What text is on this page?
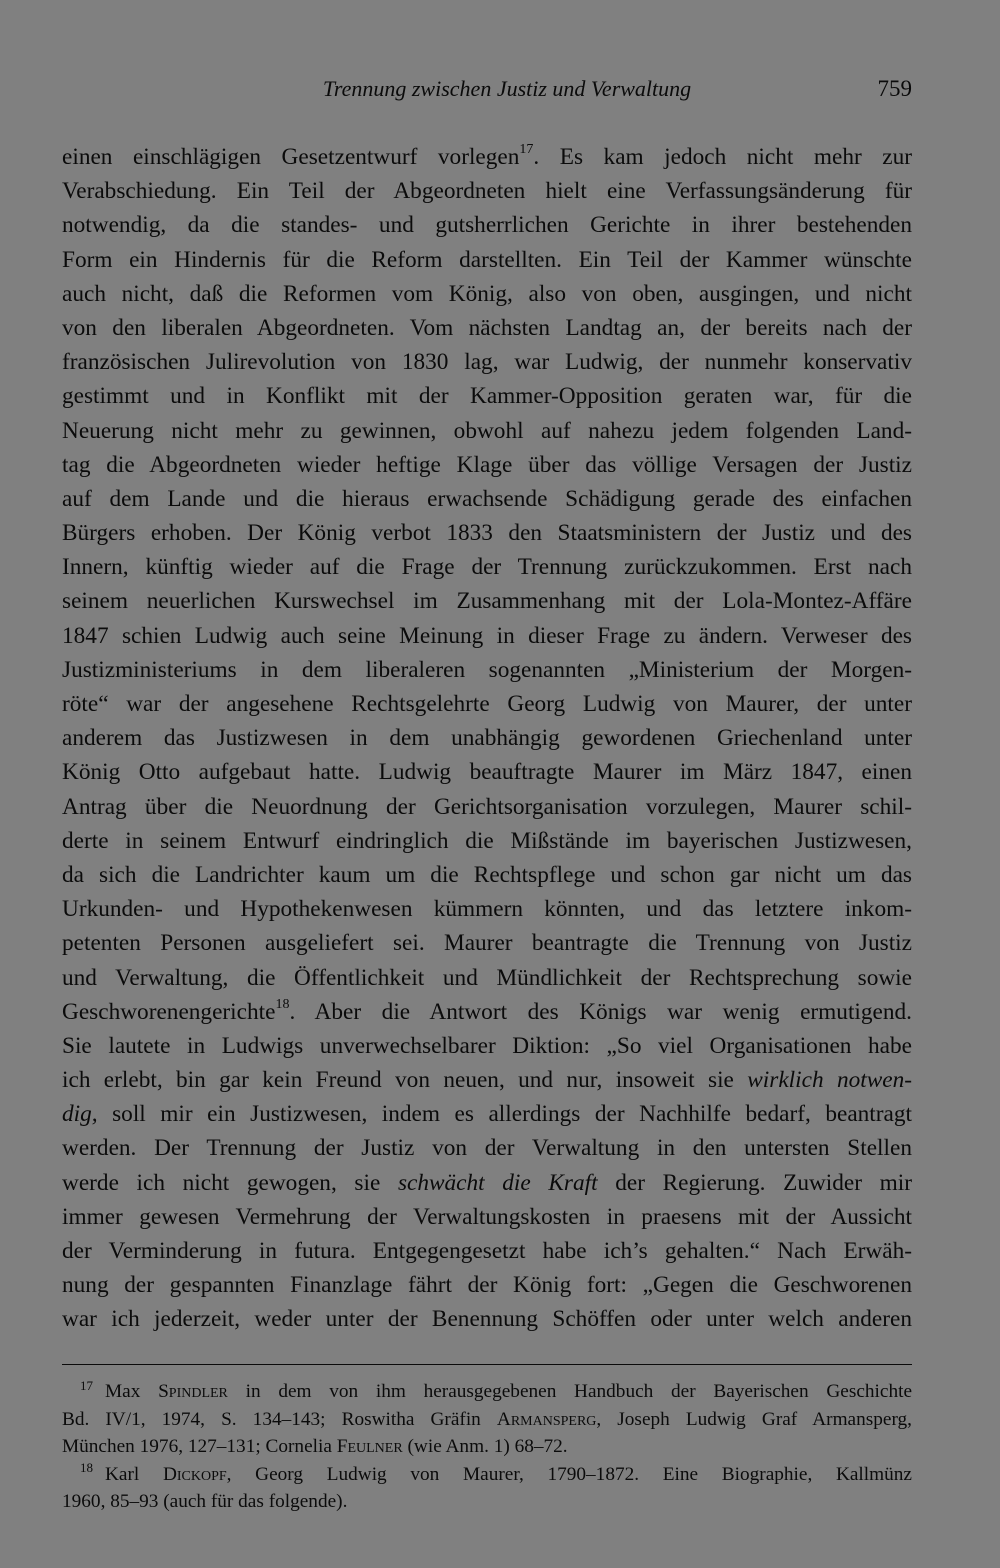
Trennung zwischen Justiz und Verwaltung	759
einen einschlägigen Gesetzentwurf vorlegen$^{17}$. Es kam jedoch nicht mehr zur
Verabschiedung. Ein Teil der Abgeordneten hielt eine Verfassungsänderung für
notwendig, da die standes- und gutsherrlichen Gerichte in ihrer bestehenden
Form ein Hindernis für die Reform darstellten. Ein Teil der Kammer wünschte
auch nicht, daß die Reformen vom König, also von oben, ausgingen, und nicht
von den liberalen Abgeordneten. Vom nächsten Landtag an, der bereits nach der
französischen Julirevolution von 1830 lag, war Ludwig, der nunmehr konservativ
gestimmt und in Konflikt mit der Kammer-Opposition geraten war, für die
Neuerung nicht mehr zu gewinnen, obwohl auf nahezu jedem folgenden Land-
tag die Abgeordneten wieder heftige Klage über das völlige Versagen der Justiz
auf dem Lande und die hieraus erwachsende Schädigung gerade des einfachen
Bürgers erhoben. Der König verbot 1833 den Staatsministern der Justiz und des
Innern, künftig wieder auf die Frage der Trennung zurückzukommen. Erst nach
seinem neuerlichen Kurswechsel im Zusammenhang mit der Lola-Montez-Affäre
1847 schien Ludwig auch seine Meinung in dieser Frage zu ändern. Verweser des
Justizministeriums in dem liberaleren sogenannten „Ministerium der Morgen-
röte“ war der angesehene Rechtsgelehrte Georg Ludwig von Maurer, der unter
anderem das Justizwesen in dem unabhängig gewordenen Griechenland unter
König Otto aufgebaut hatte. Ludwig beauftragte Maurer im März 1847, einen
Antrag über die Neuordnung der Gerichtsorganisation vorzulegen, Maurer schil-
derte in seinem Entwurf eindringlich die Mißstände im bayerischen Justizwesen,
da sich die Landrichter kaum um die Rechtspflege und schon gar nicht um das
Urkunden- und Hypothekenwesen kümmern könnten, und das letztere inkom-
petenten Personen ausgeliefert sei. Maurer beantragte die Trennung von Justiz
und Verwaltung, die Öffentlichkeit und Mündlichkeit der Rechtsprechung sowie
Geschworenengerichte$^{18}$. Aber die Antwort des Königs war wenig ermutigend.
Sie lautete in Ludwigs unverwechselbarer Diktion: „So viel Organisationen habe
ich erlebt, bin gar kein Freund von neuen, und nur, insoweit sie wirklich notwen-
dig, soll mir ein Justizwesen, indem es allerdings der Nachhilfe bedarf, beantragt
werden. Der Trennung der Justiz von der Verwaltung in den untersten Stellen
werde ich nicht gewogen, sie schwächt die Kraft der Regierung. Zuwider mir
immer gewesen Vermehrung der Verwaltungskosten in praesens mit der Aussicht
der Verminderung in futura. Entgegengesetzt habe ich’s gehalten.“ Nach Erwäh-
nung der gespannten Finanzlage fährt der König fort: „Gegen die Geschworenen
war ich jederzeit, weder unter der Benennung Schöffen oder unter welch anderen
$^{17}$ Max Spindler in dem von ihm herausgegebenen Handbuch der Bayerischen Geschichte
Bd. IV/1, 1974, S. 134–143; Roswitha Gräfin Armansperg, Joseph Ludwig Graf Armansperg,
München 1976, 127–131; Cornelia Feulner (wie Anm. 1) 68–72.
$^{18}$ Karl Dickopf, Georg Ludwig von Maurer, 1790–1872. Eine Biographie, Kallmünz
1960, 85–93 (auch für das folgende).
